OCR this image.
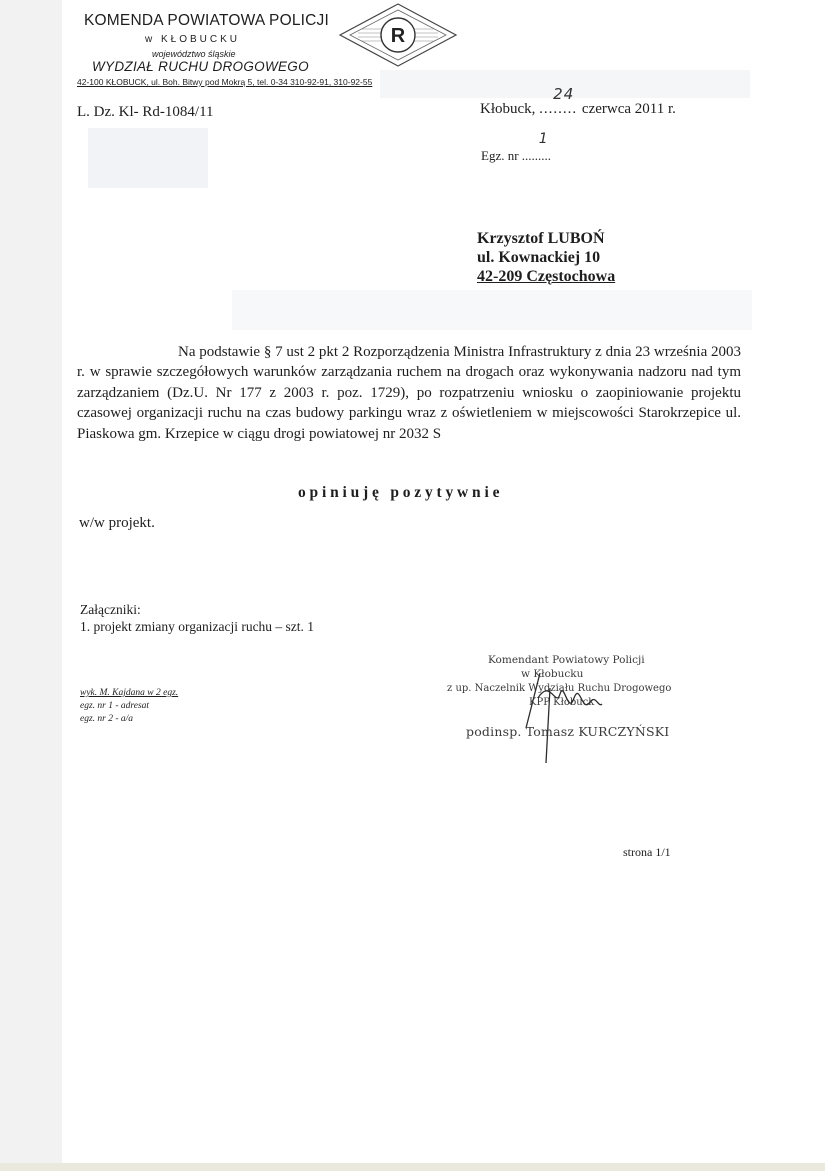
KOMENDA POWIATOWA POLICJI
w KŁOBUCKU
województwo śląskie
WYDZIAŁ RUCHU DROGOWEGO
42-100 KŁOBUCK, ul. Boh. Bitwy pod Mokrą 5, tel. 0-34 310-92-91, 310-92-55
R
L. Dz. Kl- Rd-1084/11	Kłobuck, ........
24
czerwca 2011 r.
Egz. nr .........
1
Krzysztof LUBOŃ
ul. Kownackiej 10
42-209 Częstochowa
Na podstawie § 7 ust 2 pkt 2 Rozporządzenia Ministra Infrastruktury z dnia 23 września 2003 r. w sprawie szczegółowych warunków zarządzania ruchem na drogach oraz wykonywania nadzoru nad tym zarządzaniem (Dz.U. Nr 177 z 2003 r. poz. 1729), po rozpatrzeniu wniosku o zaopiniowanie projektu czasowej organizacji ruchu na czas budowy parkingu wraz z oświetleniem w miejscowości Starokrzepice ul. Piaskowa gm. Krzepice w ciągu drogi powiatowej nr 2032 S
opiniuję pozytywnie
w/w projekt.
Załączniki:
1. projekt zmiany organizacji ruchu – szt. 1
Komendant Powiatowy Policji
w Kłobucku
z up. Naczelnik Wydziału Ruchu Drogowego
KPP Kłobuck
podinsp. Tomasz KURCZYŃSKI
wyk. M. Kajdana w 2 egz.
egz. nr 1 - adresat
egz. nr 2 - a/a
strona 1/1
